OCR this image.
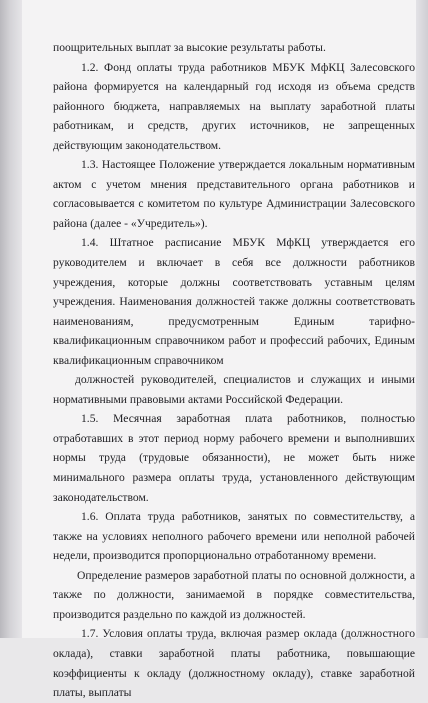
поощрительных выплат за высокие результаты работы.

1.2. Фонд оплаты труда работников МБУК МфКЦ Залесовского района формируется на календарный год исходя из объема средств районного бюджета, направляемых на выплату заработной платы работникам, и средств, других источников, не запрещенных действующим законодательством.

1.3. Настоящее Положение утверждается локальным нормативным актом с учетом мнения представительного органа работников и согласовывается с комитетом по культуре Администрации Залесовского района (далее - «Учредитель»).

1.4. Штатное расписание МБУК МфКЦ утверждается его руководителем и включает в себя все должности работников учреждения, которые должны соответствовать уставным целям учреждения. Наименования должностей также должны соответствовать наименованиям, предусмотренным Единым тарифно-квалификационным справочником работ и профессий рабочих, Единым квалификационным справочником

должностей руководителей, специалистов и служащих и иными нормативными правовыми актами Российской Федерации.

1.5. Месячная заработная плата работников, полностью отработавших в этот период норму рабочего времени и выполнивших нормы труда (трудовые обязанности), не может быть ниже минимального размера оплаты труда, установленного действующим законодательством.

1.6. Оплата труда работников, занятых по совместительству, а также на условиях неполного рабочего времени или неполной рабочей недели, производится пропорционально отработанному времени.

Определение размеров заработной платы по основной должности, а также по должности, занимаемой в порядке совместительства, производится раздельно по каждой из должностей.

1.7. Условия оплаты труда, включая размер оклада (должностного оклада), ставки заработной платы работника, повышающие коэффициенты к окладу (должностному окладу), ставке заработной платы, выплаты
